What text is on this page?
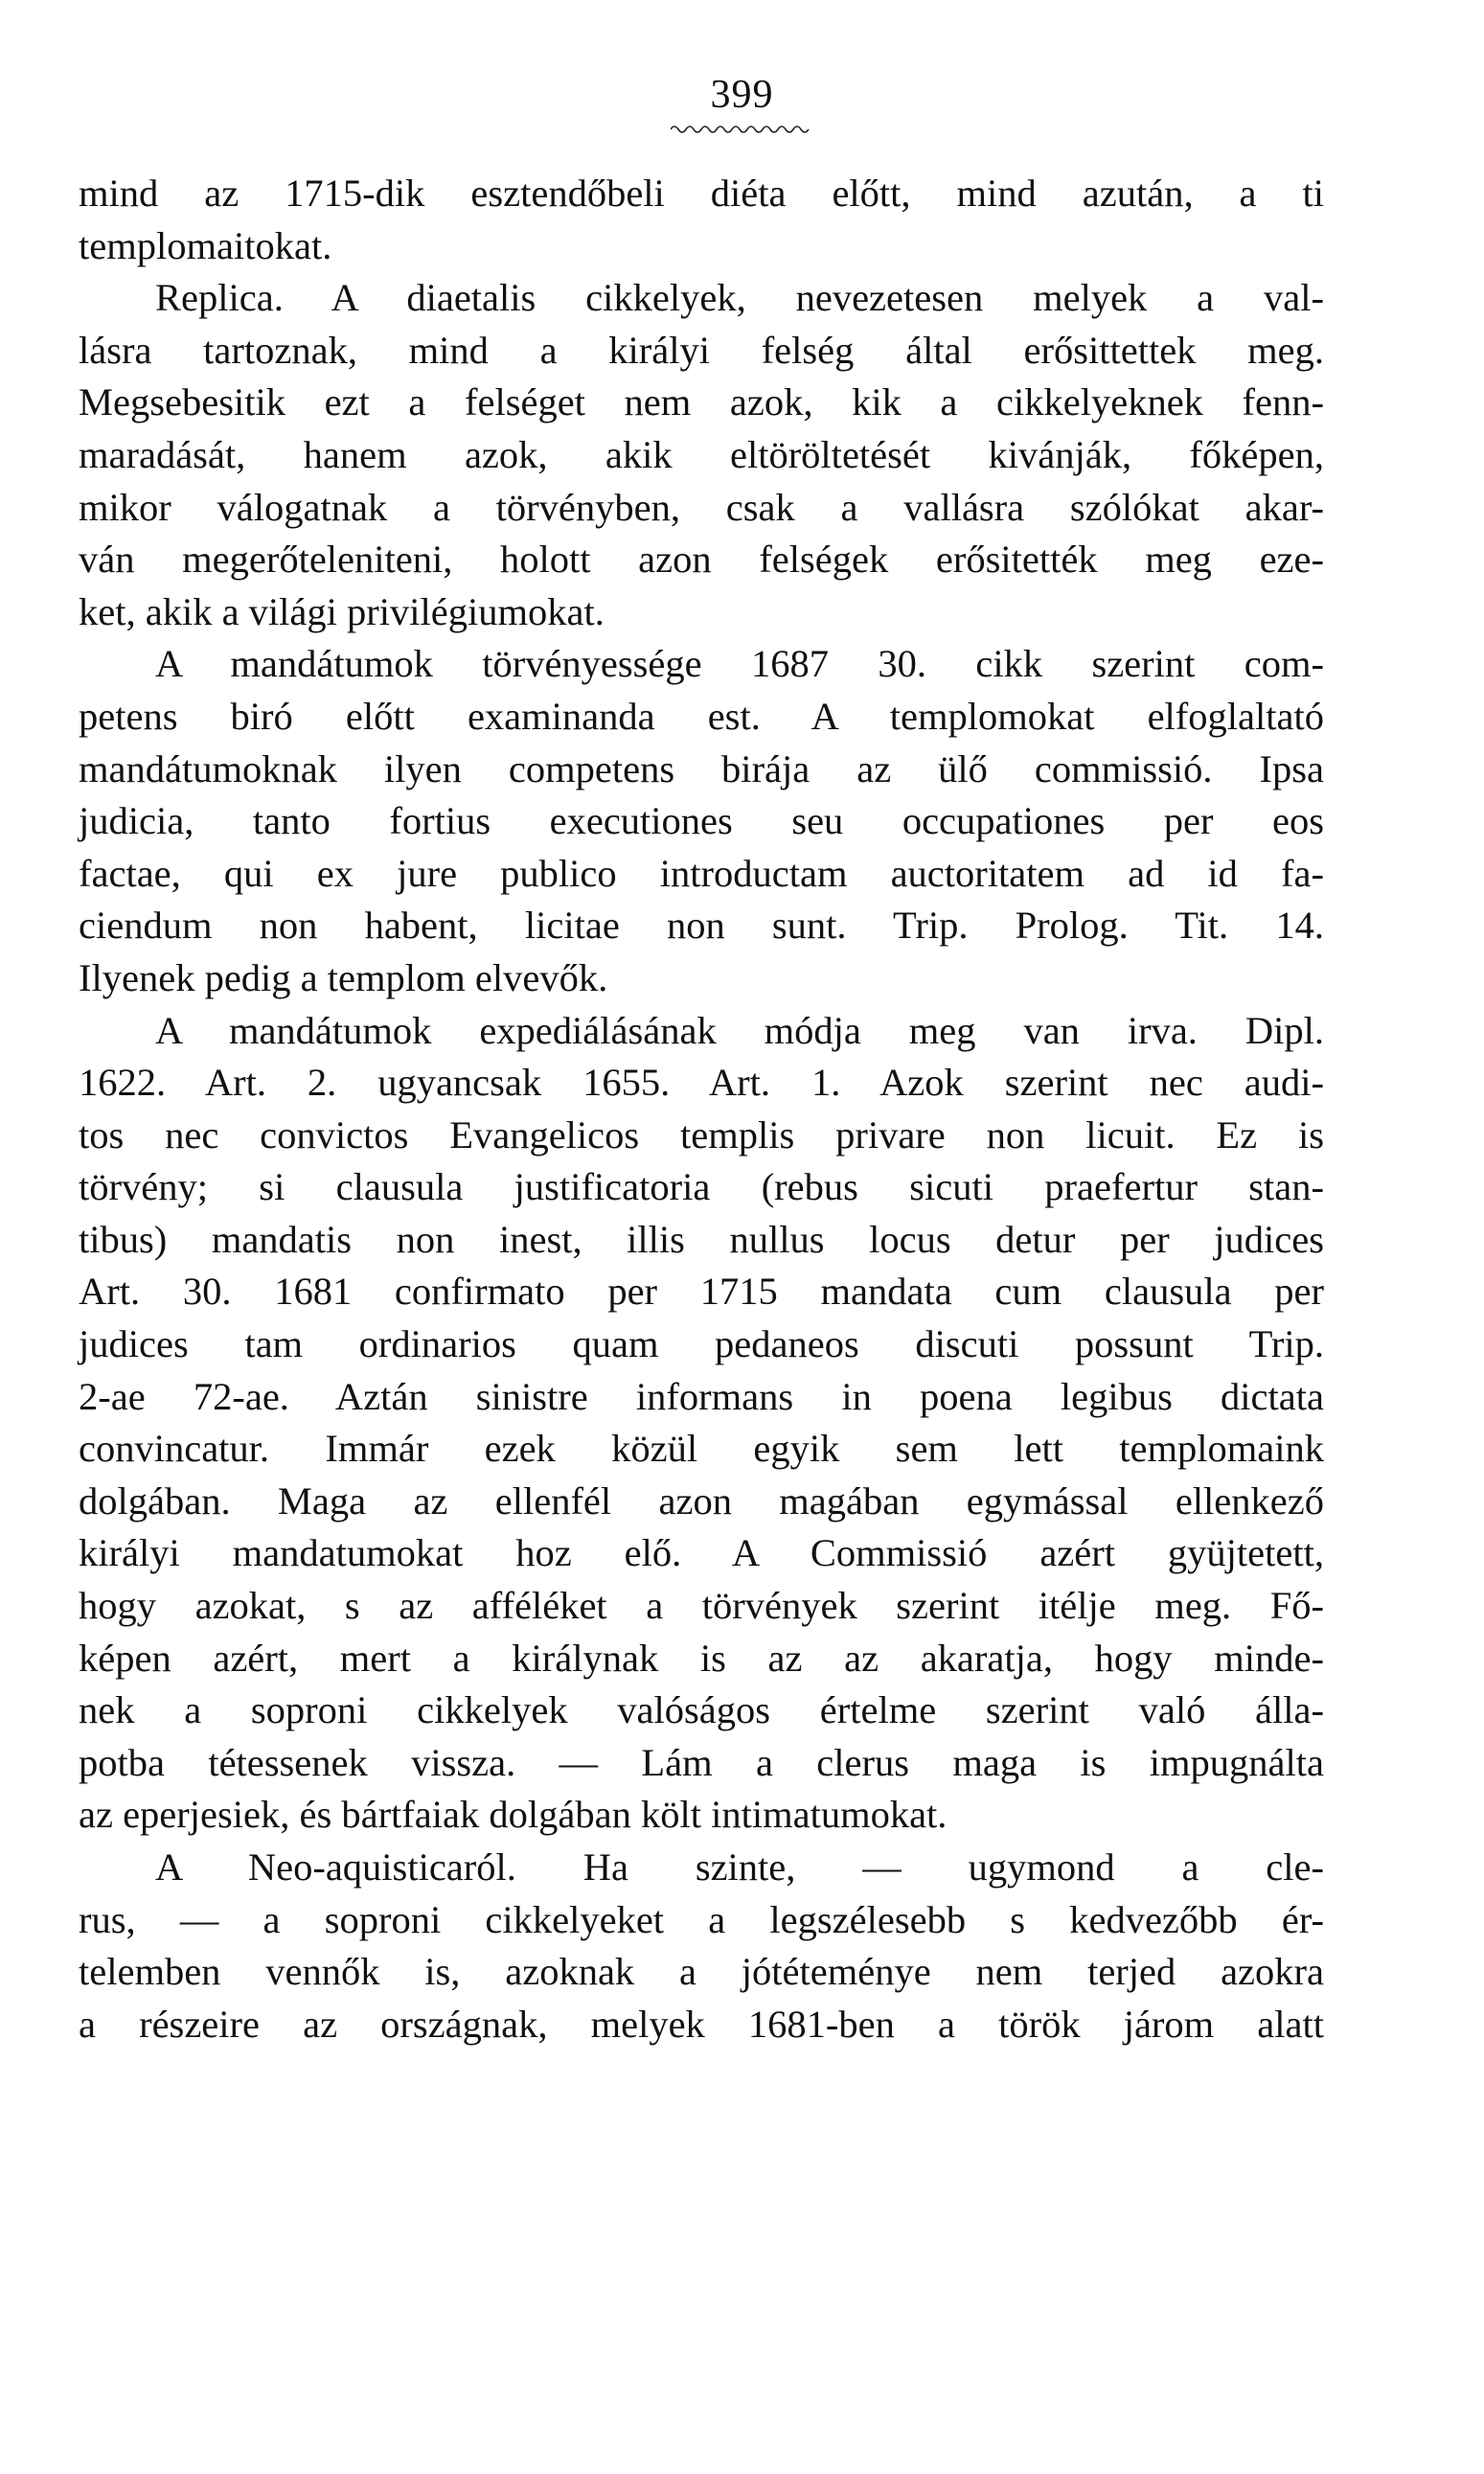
399
mind az 1715-dik esztendőbeli diéta előtt, mind azután, a ti
templomaitokat.
Replica. A diaetalis cikkelyek, nevezetesen melyek a val-
lásra tartoznak, mind a királyi felség által erősittettek meg.
Megsebesitik ezt a felséget nem azok, kik a cikkelyeknek fenn-
maradását, hanem azok, akik eltöröltetését kivánják, főképen,
mikor válogatnak a törvényben, csak a vallásra szólókat akar-
ván megerőteleniteni, holott azon felségek erősitették meg eze-
ket, akik a világi privilégiumokat.
A mandátumok törvényessége 1687 30. cikk szerint com-
petens biró előtt examinanda est. A templomokat elfoglaltató
mandátumoknak ilyen competens birája az ülő commissió. Ipsa
judicia, tanto fortius executiones seu occupationes per eos
factae, qui ex jure publico introductam auctoritatem ad id fa-
ciendum non habent, licitae non sunt. Trip. Prolog. Tit. 14.
Ilyenek pedig a templom elvevők.
A mandátumok expediálásának módja meg van irva. Dipl.
1622. Art. 2. ugyancsak 1655. Art. 1. Azok szerint nec audi-
tos nec convictos Evangelicos templis privare non licuit. Ez is
törvény; si clausula justificatoria (rebus sicuti praefertur stan-
tibus) mandatis non inest, illis nullus locus detur per judices
Art. 30. 1681 confirmato per 1715 mandata cum clausula per
judices tam ordinarios quam pedaneos discuti possunt Trip.
2-ae 72-ae. Aztán sinistre informans in poena legibus dictata
convincatur. Immár ezek közül egyik sem lett templomaink
dolgában. Maga az ellenfél azon magában egymással ellenkező
királyi mandatumokat hoz elő. A Commissió azért gyüjtetett,
hogy azokat, s az afféléket a törvények szerint itélje meg. Fő-
képen azért, mert a királynak is az az akaratja, hogy minde-
nek a soproni cikkelyek valóságos értelme szerint való álla-
potba tétessenek vissza. — Lám a clerus maga is impugnálta
az eperjesiek, és bártfaiak dolgában költ intimatumokat.
A Neo-aquisticaról. Ha szinte, — ugymond a cle-
rus, — a soproni cikkelyeket a legszélesebb s kedvezőbb ér-
telemben vennők is, azoknak a jótéteménye nem terjed azokra
a részeire az országnak, melyek 1681-ben a török járom alatt
